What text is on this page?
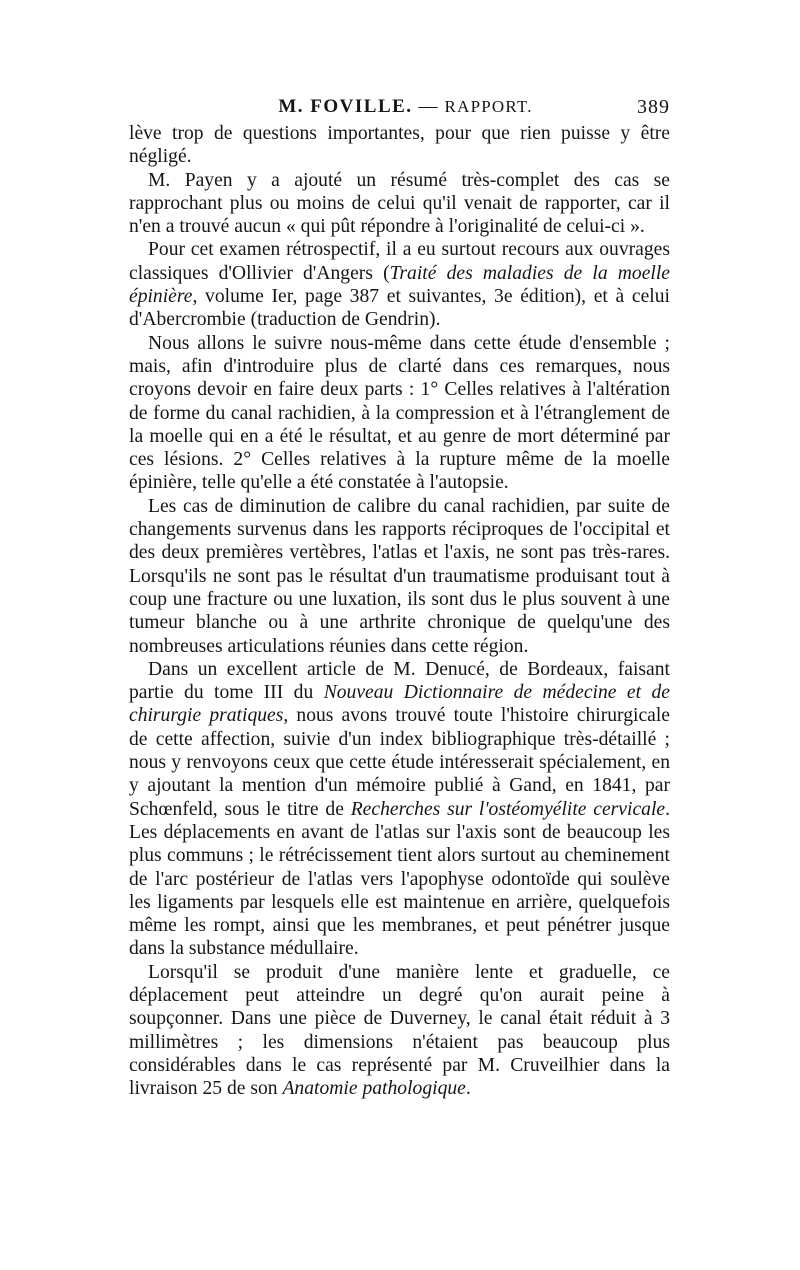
M. FOVILLE. — RAPPORT.	389

lève trop de questions importantes, pour que rien puisse y être négligé.

M. Payen y a ajouté un résumé très-complet des cas se rapprochant plus ou moins de celui qu'il venait de rapporter, car il n'en a trouvé aucun « qui pût répondre à l'originalité de celui-ci ».

Pour cet examen rétrospectif, il a eu surtout recours aux ouvrages classiques d'Ollivier d'Angers (Traité des maladies de la moelle épinière, volume Ier, page 387 et suivantes, 3e édition), et à celui d'Abercrombie (traduction de Gendrin).

Nous allons le suivre nous-même dans cette étude d'ensemble ; mais, afin d'introduire plus de clarté dans ces remarques, nous croyons devoir en faire deux parts : 1° Celles relatives à l'altération de forme du canal rachidien, à la compression et à l'étranglement de la moelle qui en a été le résultat, et au genre de mort déterminé par ces lésions. 2° Celles relatives à la rupture même de la moelle épinière, telle qu'elle a été constatée à l'autopsie.

Les cas de diminution de calibre du canal rachidien, par suite de changements survenus dans les rapports réciproques de l'occipital et des deux premières vertèbres, l'atlas et l'axis, ne sont pas très-rares. Lorsqu'ils ne sont pas le résultat d'un traumatisme produisant tout à coup une fracture ou une luxation, ils sont dus le plus souvent à une tumeur blanche ou à une arthrite chronique de quelqu'une des nombreuses articulations réunies dans cette région.

Dans un excellent article de M. Denucé, de Bordeaux, faisant partie du tome III du Nouveau Dictionnaire de médecine et de chirurgie pratiques, nous avons trouvé toute l'histoire chirurgicale de cette affection, suivie d'un index bibliographique très-détaillé ; nous y renvoyons ceux que cette étude intéresserait spécialement, en y ajoutant la mention d'un mémoire publié à Gand, en 1841, par Schœnfeld, sous le titre de Recherches sur l'ostéomyélite cervicale. Les déplacements en avant de l'atlas sur l'axis sont de beaucoup les plus communs ; le rétrécissement tient alors surtout au cheminement de l'arc postérieur de l'atlas vers l'apophyse odontoïde qui soulève les ligaments par lesquels elle est maintenue en arrière, quelquefois même les rompt, ainsi que les membranes, et peut pénétrer jusque dans la substance médullaire.

Lorsqu'il se produit d'une manière lente et graduelle, ce déplacement peut atteindre un degré qu'on aurait peine à soupçonner. Dans une pièce de Duverney, le canal était réduit à 3 millimètres ; les dimensions n'étaient pas beaucoup plus considérables dans le cas représenté par M. Cruveilhier dans la livraison 25 de son Anatomie pathologique.
